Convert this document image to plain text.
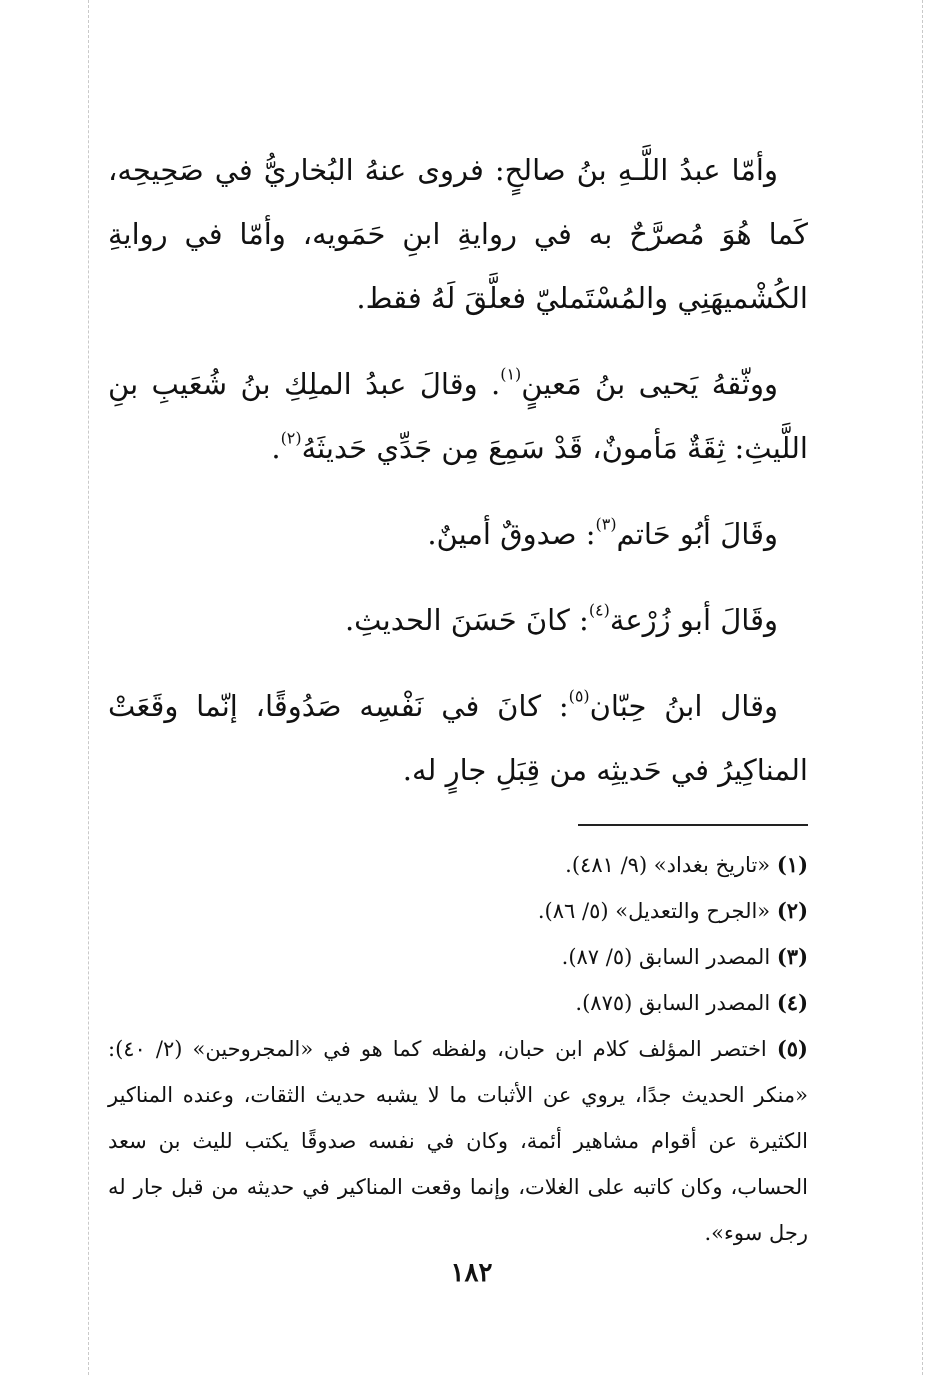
وأمّا عبدُ اللَّـهِ بنُ صالحٍ: فروى عنهُ البُخاريُّ في صَحِيحِه، كَما هُوَ مُصرَّحٌ به في روايةِ ابنِ حَمَويه، وأمّا في روايةِ الكُشْميهَنِي والمُسْتَمليّ فعلَّقَ لَهُ فقط.

ووثّقهُ يَحيى بنُ مَعينٍ$^{(١)}$. وقالَ عبدُ الملِكِ بنُ شُعَيبِ بنِ اللَّيثِ: ثِقَةٌ مَأمونٌ، قَدْ سَمِعَ مِن جَدِّي حَديثَهُ$^{(٢)}$.

وقَالَ أبُو حَاتم$^{(٣)}$: صدوقٌ أمينٌ.

وقَالَ أبو زُرْعة$^{(٤)}$: كانَ حَسَنَ الحديثِ.

وقال ابنُ حِبّان$^{(٥)}$: كانَ في نَفْسِه صَدُوقًا، إنّما وقَعَتْ المناكِيرُ في حَديثِه من قِبَلِ جارٍ له.

(١) «تاريخ بغداد» (٩/ ٤٨١).

(٢) «الجرح والتعديل» (٥/ ٨٦).

(٣) المصدر السابق (٥/ ٨٧).

(٤) المصدر السابق (٨٧٥).

(٥) اختصر المؤلف كلام ابن حبان، ولفظه كما هو في «المجروحين» (٢/ ٤٠): «منكر الحديث جدًا، يروي عن الأثبات ما لا يشبه حديث الثقات، وعنده المناكير الكثيرة عن أقوام مشاهير أئمة، وكان في نفسه صدوقًا يكتب لليث بن سعد الحساب، وكان كاتبه على الغلات، وإنما وقعت المناكير في حديثه من قبل جار له رجل سوء».

١٨٢
